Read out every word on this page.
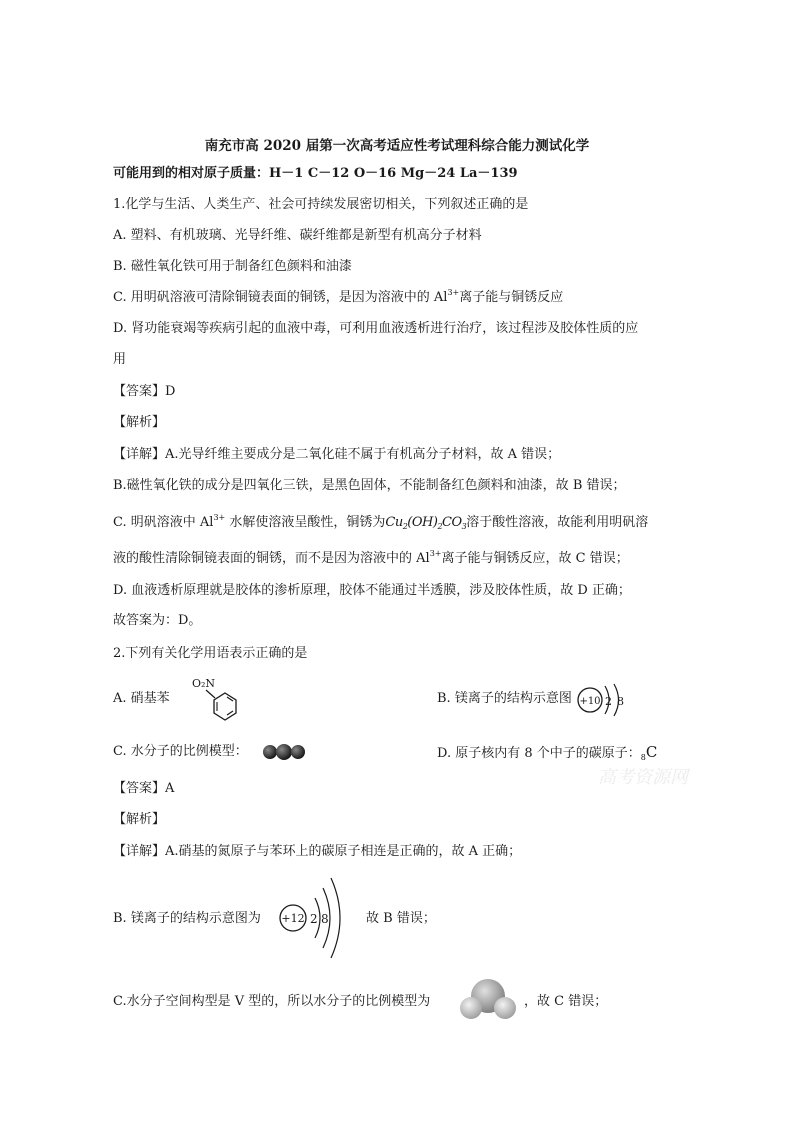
南充市高 2020 届第一次高考适应性考试理科综合能力测试化学
可能用到的相对原子质量：H－1 C－12 O－16 Mg－24 La－139
1.化学与生活、人类生产、社会可持续发展密切相关，下列叙述正确的是
A. 塑料、有机玻璃、光导纤维、碳纤维都是新型有机高分子材料
B. 磁性氧化铁可用于制备红色颜料和油漆
C. 用明矾溶液可清除铜镜表面的铜锈，是因为溶液中的 $Al^{3+}$离子能与铜锈反应
D. 肾功能衰竭等疾病引起的血液中毒，可利用血液透析进行治疗，该过程涉及胶体性质的应
用
【答案】D
【解析】
【详解】A.光导纤维主要成分是二氧化硅不属于有机高分子材料，故 A 错误；
B.磁性氧化铁的成分是四氧化三铁，是黑色固体，不能制备红色颜料和油漆，故 B 错误；
C. 明矾溶液中 $Al^{3+}$ 水解使溶液呈酸性，铜锈为$Cu_2(OH)_2CO_3$溶于酸性溶液，故能利用明矾溶
液的酸性清除铜镜表面的铜锈，而不是因为溶液中的 $Al^{3+}$离子能与铜锈反应，故 C 错误；
D. 血液透析原理就是胶体的渗析原理，胶体不能通过半透膜，涉及胶体性质，故 D 正确；
故答案为：D。
2.下列有关化学用语表示正确的是
A. 硝基苯
O₂N
B. 镁离子的结构示意图 +10 2 8
C. 水分子的比例模型：	D. 原子核内有 8 个中子的碳原子：$_8$C
高考资源网
【答案】A
【解析】
【详解】A.硝基的氮原子与苯环上的碳原子相连是正确的，故 A 正确；
B. 镁离子的结构示意图为 +12 2 8	故 B 错误；
C.水分子空间构型是 V 型的，所以水分子的比例模型为	，故 C 错误；
